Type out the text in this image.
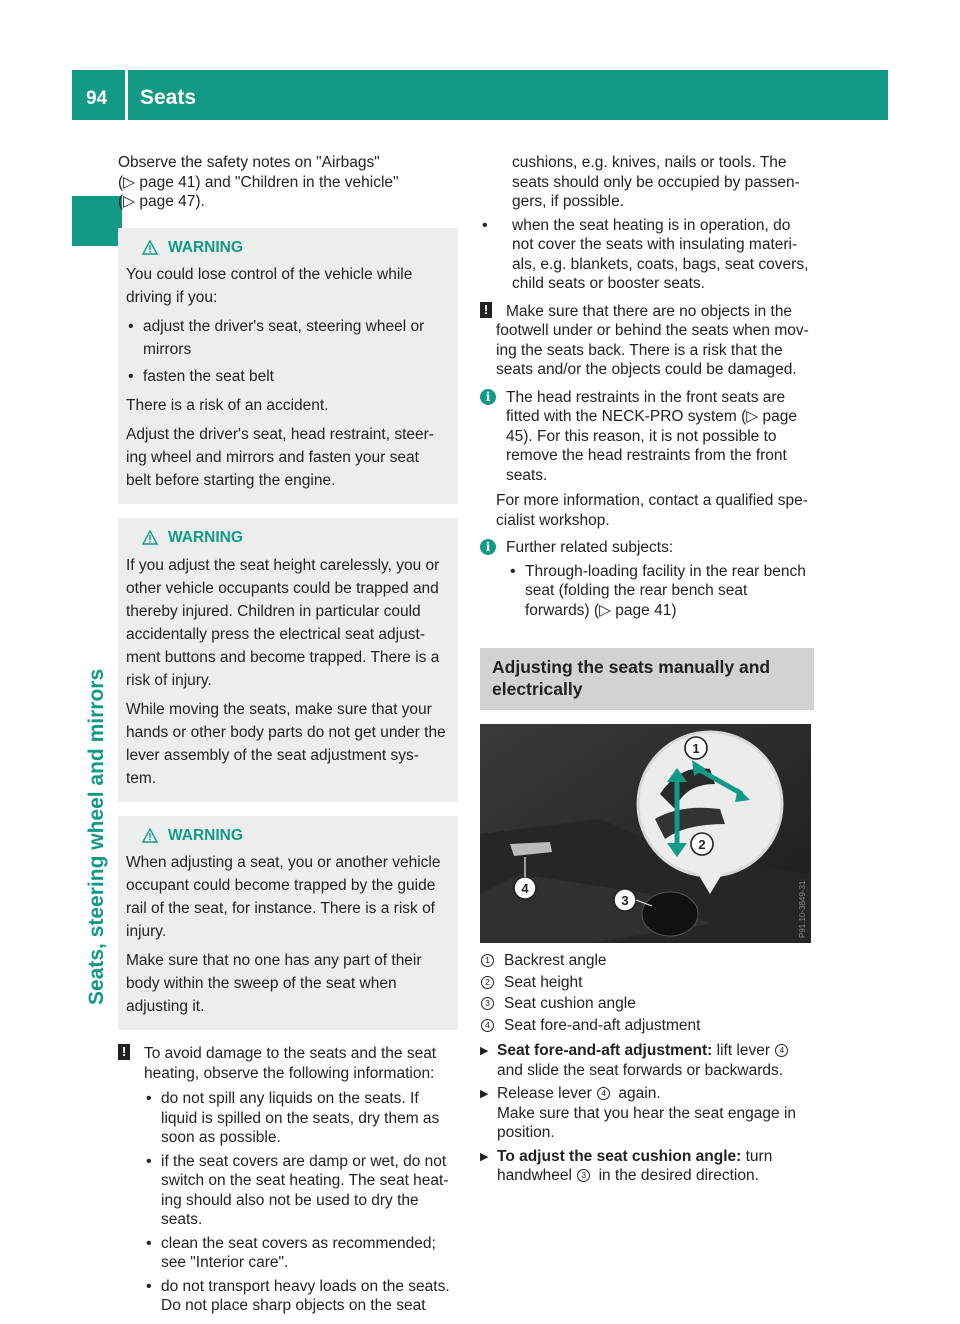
94 Seats
Seats, steering wheel and mirrors

Observe the safety notes on "Airbags"
(▷ page 41) and "Children in the vehicle"
(▷ page 47).

WARNING

You could lose control of the vehicle while driving if you:

• adjust the driver's seat, steering wheel or mirrors
• fasten the seat belt

There is a risk of an accident.

Adjust the driver's seat, head restraint, steer-ing wheel and mirrors and fasten your seat belt before starting the engine.

WARNING

If you adjust the seat height carelessly, you or other vehicle occupants could be trapped and thereby injured. Children in particular could accidentally press the electrical seat adjust-ment buttons and become trapped. There is a risk of injury.

While moving the seats, make sure that your hands or other body parts do not get under the lever assembly of the seat adjustment sys-tem.

WARNING

When adjusting a seat, you or another vehicle occupant could become trapped by the guide rail of the seat, for instance. There is a risk of injury.

Make sure that no one has any part of their body within the sweep of the seat when adjusting it.

! To avoid damage to the seats and the seat heating, observe the following information:
• do not spill any liquids on the seats. If liquid is spilled on the seats, dry them as soon as possible.
• if the seat covers are damp or wet, do not switch on the seat heating. The seat heat-ing should also not be used to dry the seats.
• clean the seat covers as recommended; see "Interior care".
• do not transport heavy loads on the seats. Do not place sharp objects on the seat
cushions, e.g. knives, nails or tools. The seats should only be occupied by passen-gers, if possible.
• when the seat heating is in operation, do not cover the seats with insulating materi-als, e.g. blankets, coats, bags, seat covers, child seats or booster seats.
! Make sure that there are no objects in the footwell under or behind the seats when mov-ing the seats back. There is a risk that the seats and/or the objects could be damaged.
i	The head restraints in the front seats are fitted with the NECK-PRO system (▷ page 45). For this reason, it is not possible to remove the head restraints from the front seats.

For more information, contact a qualified spe-cialist workshop.

i	Further related subjects:

• Through-loading facility in the rear bench seat (folding the rear bench seat forwards) (▷ page 41)
Adjusting the seats manually and electrically
1
2
3
4	P91.10-3849-31
1 Backrest angle
2 Seat height
3 Seat cushion angle
4 Seat fore-and-aft adjustment
▶ Seat fore-and-aft adjustment: lift lever 4
and slide the seat forwards or backwards.
▶ Release lever 4 again.
Make sure that you hear the seat engage in position.
▶ To adjust the seat cushion angle: turn handwheel 3 in the desired direction.
